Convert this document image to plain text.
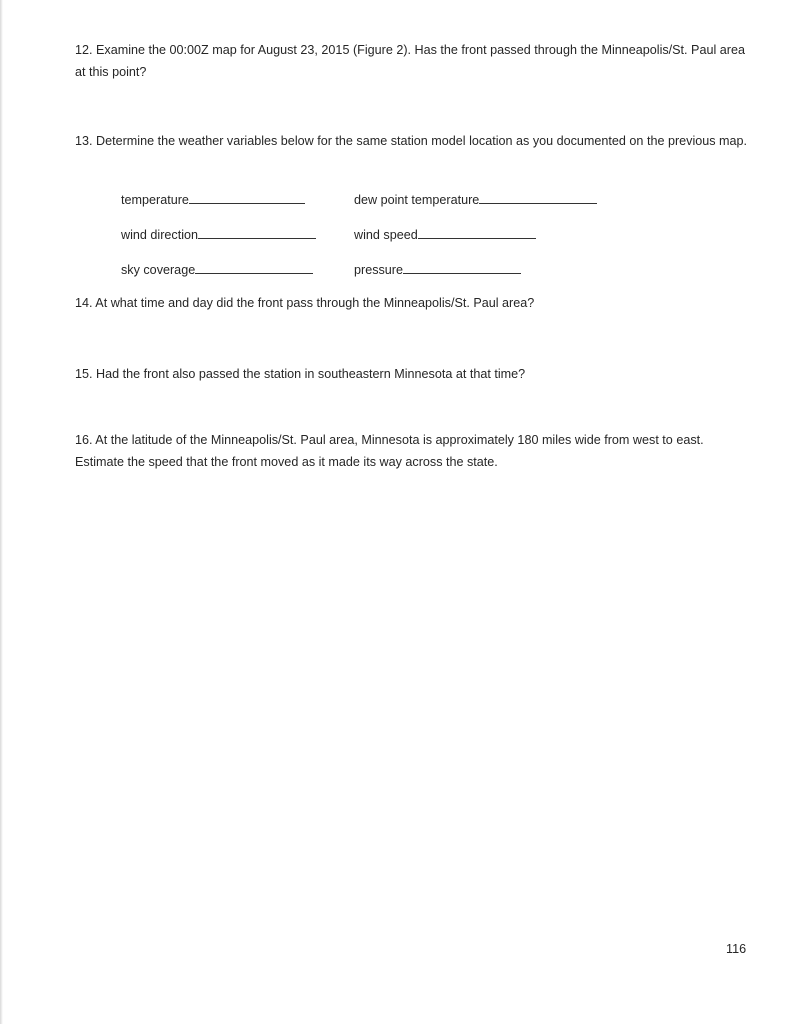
12. Examine the 00:00Z map for August 23, 2015 (Figure 2). Has the front passed through the Minneapolis/St. Paul area at this point?

13. Determine the weather variables below for the same station model location as you documented on the previous map.

temperature	dew point temperature
wind direction	wind speed
sky coverage	pressure

14. At what time and day did the front pass through the Minneapolis/St. Paul area?

15. Had the front also passed the station in southeastern Minnesota at that time?

16. At the latitude of the Minneapolis/St. Paul area, Minnesota is approximately 180 miles wide from west to east. Estimate the speed that the front moved as it made its way across the state.

116
